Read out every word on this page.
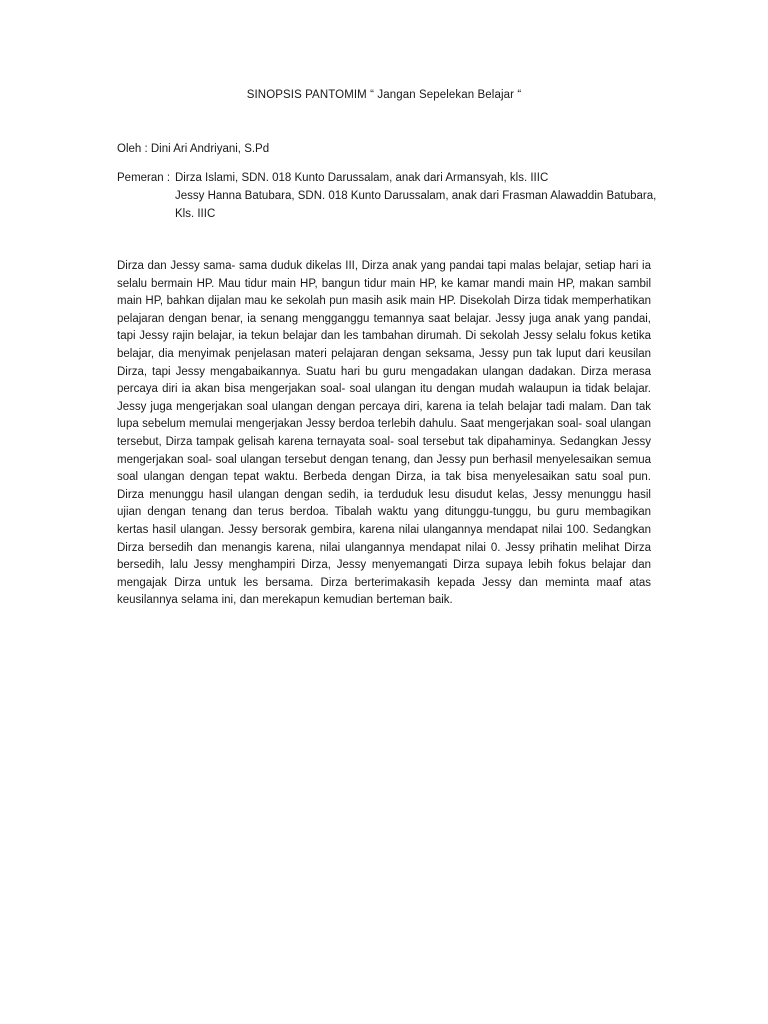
SINOPSIS PANTOMIM “ Jangan Sepelekan Belajar “
Oleh : Dini Ari Andriyani, S.Pd
Pemeran : Dirza Islami, SDN. 018 Kunto Darussalam, anak dari Armansyah, kls. IIIC
Jessy Hanna Batubara, SDN. 018 Kunto Darussalam, anak dari Frasman Alawaddin Batubara, Kls. IIIC
Dirza dan Jessy sama- sama duduk dikelas III, Dirza anak yang pandai tapi malas belajar, setiap hari ia selalu bermain HP. Mau tidur main HP, bangun tidur main HP, ke kamar mandi main HP, makan sambil main HP, bahkan dijalan mau ke sekolah pun masih asik main HP. Disekolah Dirza tidak memperhatikan pelajaran dengan benar, ia senang mengganggu temannya saat belajar. Jessy juga anak yang pandai, tapi Jessy rajin belajar, ia tekun belajar dan les tambahan dirumah. Di sekolah Jessy selalu fokus ketika belajar, dia menyimak penjelasan materi pelajaran dengan seksama, Jessy pun tak luput dari keusilan Dirza, tapi Jessy mengabaikannya. Suatu hari bu guru mengadakan ulangan dadakan. Dirza merasa percaya diri ia akan bisa mengerjakan soal- soal ulangan itu dengan mudah walaupun ia tidak belajar. Jessy juga mengerjakan soal ulangan dengan percaya diri, karena ia telah belajar tadi malam. Dan tak lupa sebelum memulai mengerjakan Jessy berdoa terlebih dahulu. Saat mengerjakan soal- soal ulangan tersebut, Dirza tampak gelisah karena ternayata soal- soal tersebut tak dipahaminya. Sedangkan Jessy mengerjakan soal- soal ulangan tersebut dengan tenang, dan Jessy pun berhasil menyelesaikan semua soal ulangan dengan tepat waktu. Berbeda dengan Dirza, ia tak bisa menyelesaikan satu soal pun. Dirza menunggu hasil ulangan dengan sedih, ia terduduk lesu disudut kelas, Jessy menunggu hasil ujian dengan tenang dan terus berdoa. Tibalah waktu yang ditunggu-tunggu, bu guru membagikan kertas hasil ulangan. Jessy bersorak gembira, karena nilai ulangannya mendapat nilai 100. Sedangkan Dirza bersedih dan menangis karena, nilai ulangannya mendapat nilai 0. Jessy prihatin melihat Dirza bersedih, lalu Jessy menghampiri Dirza, Jessy menyemangati Dirza supaya lebih fokus belajar dan mengajak Dirza untuk les bersama. Dirza berterimakasih kepada Jessy dan meminta maaf atas keusilannya selama ini, dan merekapun kemudian berteman baik.
